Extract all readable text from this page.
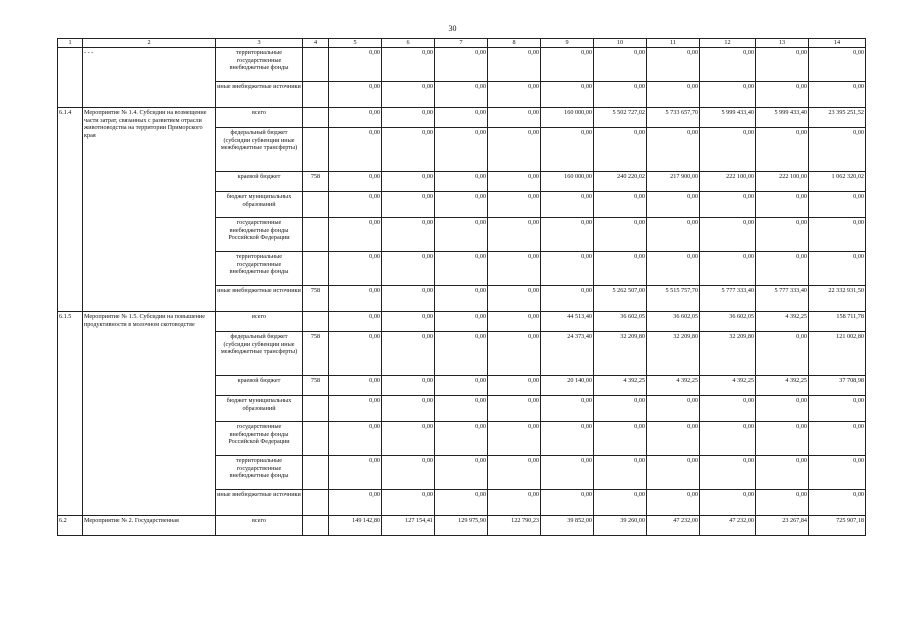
30
1	2	3	4	5	6	7	8	9	10	11	12	13	14
	- - -	территориальные государственные внебюджетные фонды		0,00	0,00	0,00	0,00	0,00	0,00	0,00	0,00	0,00	0,00
		иные внебюджетные источники		0,00	0,00	0,00	0,00	0,00	0,00	0,00	0,00	0,00	0,00
6.1.4	Мероприятие № 1.4. Субсидии на возмещение части затрат, связанных с развитием отрасли животноводства на территории Приморского края	всего		0,00	0,00	0,00	0,00	160 000,00	5 502 727,02	5 733 657,70	5 999 433,40	5 999 433,40	23 395 251,52
		федеральный бюджет (субсидии субвенции иные межбюджетные трансферты)		0,00	0,00	0,00	0,00	0,00	0,00	0,00	0,00	0,00	0,00
		краевой бюджет	758	0,00	0,00	0,00	0,00	160 000,00	240 220,02	217 900,00	222 100,00	222 100,00	1 062 320,02
		бюджет муниципальных образований		0,00	0,00	0,00	0,00	0,00	0,00	0,00	0,00	0,00	0,00
		государственные внебюджетные фонды Российской Федерации		0,00	0,00	0,00	0,00	0,00	0,00	0,00	0,00	0,00	0,00
		территориальные государственные внебюджетные фонды		0,00	0,00	0,00	0,00	0,00	0,00	0,00	0,00	0,00	0,00
		иные внебюджетные источники	758	0,00	0,00	0,00	0,00	0,00	5 262 507,00	5 515 757,70	5 777 333,40	5 777 333,40	22 332 931,50
6.1.5	Мероприятие № 1.5. Субсидии на повышение продуктивности в молочном скотоводстве	всего		0,00	0,00	0,00	0,00	44 513,40	36 602,05	36 602,05	36 602,05	4 392,25	158 711,78
		федеральный бюджет (субсидии субвенции иные межбюджетные трансферты)	758	0,00	0,00	0,00	0,00	24 373,40	32 209,80	32 209,80	32 209,80	0,00	121 002,80
		краевой бюджет	758	0,00	0,00	0,00	0,00	20 140,00	4 392,25	4 392,25	4 392,25	4 392,25	37 708,98
		бюджет муниципальных образований		0,00	0,00	0,00	0,00	0,00	0,00	0,00	0,00	0,00	0,00
		государственные внебюджетные фонды Российской Федерации		0,00	0,00	0,00	0,00	0,00	0,00	0,00	0,00	0,00	0,00
		территориальные государственные внебюджетные фонды		0,00	0,00	0,00	0,00	0,00	0,00	0,00	0,00	0,00	0,00
		иные внебюджетные источники		0,00	0,00	0,00	0,00	0,00	0,00	0,00	0,00	0,00	0,00
6.2	Мероприятие № 2. Государственная	всего		149 142,80	127 154,41	129 975,90	122 790,23	39 852,00	39 260,00	47 232,00	47 232,00	23 267,84	725 907,18
